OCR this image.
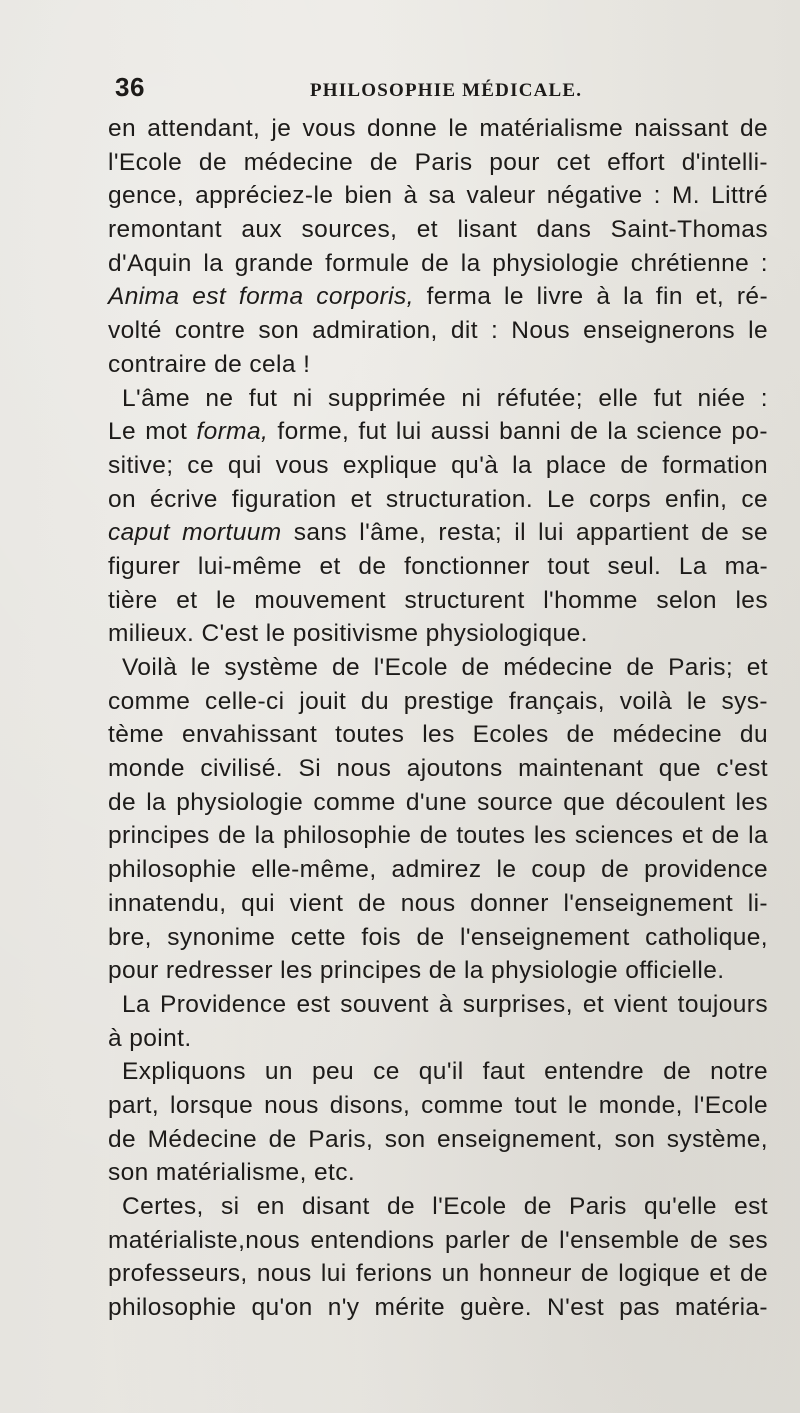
36	PHILOSOPHIE MÉDICALE.
en attendant, je vous donne le matérialisme naissant de
l'Ecole de médecine de Paris pour cet effort d'intelli-
gence, appréciez-le bien à sa valeur négative : M. Littré
remontant aux sources, et lisant dans Saint-Thomas
d'Aquin la grande formule de la physiologie chrétienne :
Anima est forma corporis, ferma le livre à la fin et, ré-
volté contre son admiration, dit : Nous enseignerons le
contraire de cela !
L'âme ne fut ni supprimée ni réfutée; elle fut niée :
Le mot forma, forme, fut lui aussi banni de la science po-
sitive; ce qui vous explique qu'à la place de formation
on écrive figuration et structuration. Le corps enfin, ce
caput mortuum sans l'âme, resta; il lui appartient de se
figurer lui-même et de fonctionner tout seul. La ma-
tière et le mouvement structurent l'homme selon les
milieux. C'est le positivisme physiologique.
Voilà le système de l'Ecole de médecine de Paris; et
comme celle-ci jouit du prestige français, voilà le sys-
tème envahissant toutes les Ecoles de médecine du
monde civilisé. Si nous ajoutons maintenant que c'est
de la physiologie comme d'une source que découlent les
principes de la philosophie de toutes les sciences et de la
philosophie elle-même, admirez le coup de providence
innatendu, qui vient de nous donner l'enseignement li-
bre, synonime cette fois de l'enseignement catholique,
pour redresser les principes de la physiologie officielle.
La Providence est souvent à surprises, et vient toujours
à point.
Expliquons un peu ce qu'il faut entendre de notre
part, lorsque nous disons, comme tout le monde, l'Ecole
de Médecine de Paris, son enseignement, son système,
son matérialisme, etc.
Certes, si en disant de l'Ecole de Paris qu'elle est
matérialiste,nous entendions parler de l'ensemble de ses
professeurs, nous lui ferions un honneur de logique et de
philosophie qu'on n'y mérite guère. N'est pas matéria-
